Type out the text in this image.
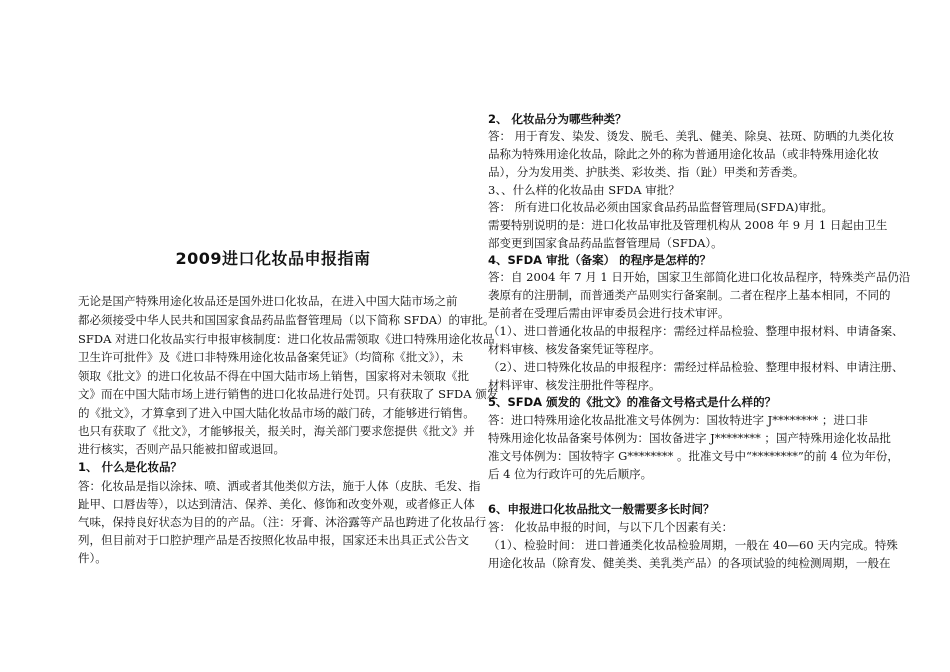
2009进口化妆品申报指南
无论是国产特殊用途化妆品还是国外进口化妆品，在进入中国大陆市场之前
都必须接受中华人民共和国国家食品药品监督管理局（以下简称 SFDA）的审批。
SFDA 对进口化妆品实行申报审核制度：进口化妆品需领取《进口特殊用途化妆品
卫生许可批件》及《进口非特殊用途化妆品备案凭证》（均简称《批文》），未
领取《批文》的进口化妆品不得在中国大陆市场上销售，国家将对未领取《批
文》而在中国大陆市场上进行销售的进口化妆品进行处罚。只有获取了 SFDA 颁发
的《批文》，才算拿到了进入中国大陆化妆品市场的敲门砖，才能够进行销售。
也只有获取了《批文》，才能够报关，报关时，海关部门要求您提供《批文》并
进行核实，否则产品只能被扣留或退回。
1、 什么是化妆品？
答：化妆品是指以涂抹、喷、洒或者其他类似方法，施于人体（皮肤、毛发、指
趾甲、口唇齿等），以达到清洁、保养、美化、修饰和改变外观，或者修正人体
气味，保持良好状态为目的的产品。（注：牙膏、沐浴露等产品也跨进了化妆品行
列，但目前对于口腔护理产品是否按照化妆品申报，国家还未出具正式公告文
件）。
2、 化妆品分为哪些种类？
答： 用于育发、染发、烫发、脱毛、美乳、健美、除臭、祛斑、防晒的九类化妆
品称为特殊用途化妆品，除此之外的称为普通用途化妆品（或非特殊用途化妆
品），分为发用类、护肤类、彩妆类、指（趾）甲类和芳香类。
3、、什么样的化妆品由 SFDA 审批？
答： 所有进口化妆品必须由国家食品药品监督管理局(SFDA)审批。
需要特别说明的是：进口化妆品审批及管理机构从 2008 年 9 月 1 日起由卫生
部变更到国家食品药品监督管理局（SFDA）。
4、SFDA 审批（备案） 的程序是怎样的？
答：自 2004 年 7 月 1 日开始，国家卫生部简化进口化妆品程序，特殊类产品仍沿
袭原有的注册制，而普通类产品则实行备案制。二者在程序上基本相同，不同的
是前者在受理后需由评审委员会进行技术审评。
（1）、进口普通化妆品的申报程序：需经过样品检验、整理申报材料、申请备案、
材料审核、核发备案凭证等程序。
（2）、进口特殊化妆品的申报程序：需经过样品检验、整理申报材料、申请注册、
材料评审、核发注册批件等程序。
5、SFDA 颁发的《批文》的准备文号格式是什么样的？
答：进口特殊用途化妆品批准文号体例为：国妆特进字 J******** ；进口非
特殊用途化妆品备案号体例为：国妆备进字 J******** ；国产特殊用途化妆品批
准文号体例为：国妆特字 G******** 。批准文号中“********”的前 4 位为年份，
后 4 位为行政许可的先后顺序。
6、申报进口化妆品批文一般需要多长时间？
答： 化妆品申报的时间，与以下几个因素有关：
（1）、检验时间： 进口普通类化妆品检验周期，一般在 40—60 天内完成。特殊
用途化妆品（除育发、健美类、美乳类产品）的各项试验的纯检测周期，一般在
